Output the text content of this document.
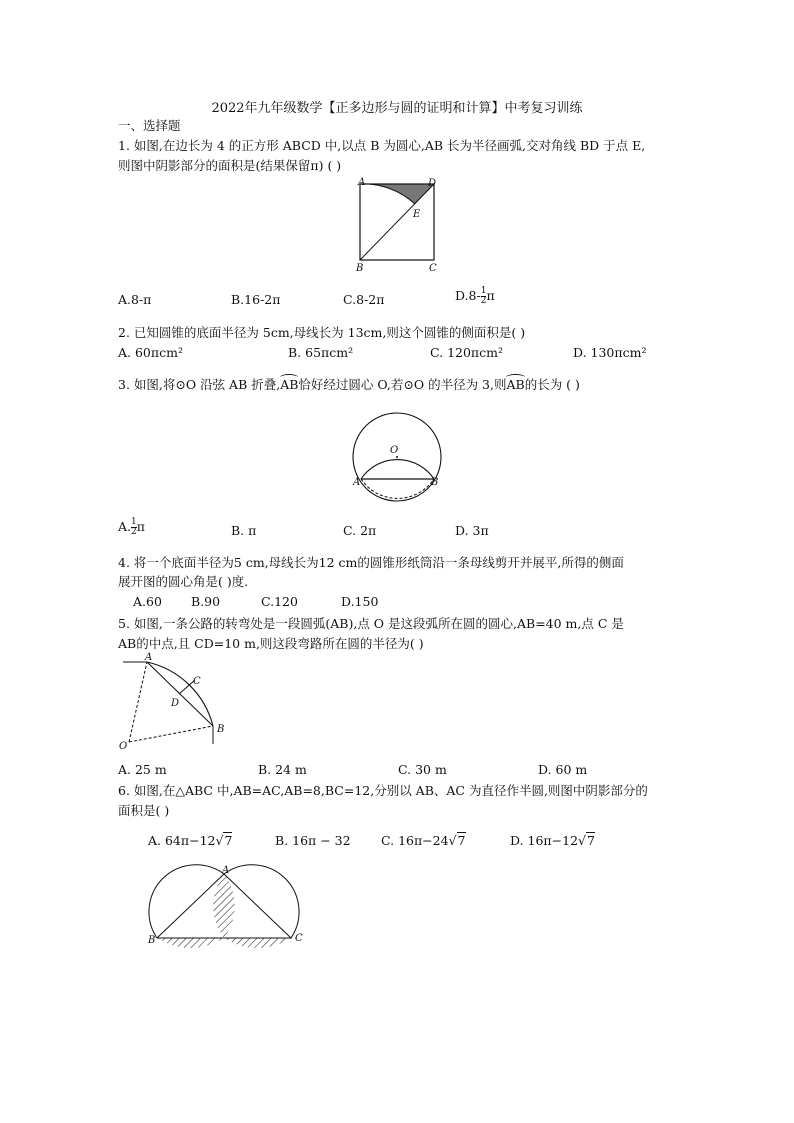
2022年九年级数学【正多边形与圆的证明和计算】中考复习训练
一、选择题
1. 如图,在边长为 4 的正方形 ABCD 中,以点 B 为圆心,AB 长为半径画弧,交对角线 BD 于点 E,
则图中阴影部分的面积是(结果保留π) ( )
A	D
E
B	C
A.8-π	B.16-2π	C.8-2π	$D.8- \frac{1}{2}$ π
2. 已知圆锥的底面半径为 5cm,母线长为 13cm,则这个圆锥的侧面积是( )
A. 60πcm²	B. 65πcm²	C. 120πcm²	D. 130πcm²
3. 如图,将⊙O 沿弦 AB 折叠,AB恰好经过圆心 O,若⊙O 的半径为 3,则AB的长为 ( )
O
A	B
A. $\frac{1}{2}$ π	B. π	C. 2π	D. 3π
4. 将一个底面半径为5 cm,母线长为12 cm的圆锥形纸筒沿一条母线剪开并展平,所得的侧面
展开图的圆心角是( )度.
A.60 B.90	C.120	D.150
5. 如图,一条公路的转弯处是一段圆弧(AB),点 O 是这段弧所在圆的圆心,AB=40 m,点 C 是
AB的中点,且 CD=10 m,则这段弯路所在圆的半径为( )
A
C
D
B
O
A. 25 m	B. 24 m	C. 30 m	D. 60 m
6. 如图,在△ABC 中,AB=AC,AB=8,BC=12,分别以 AB、AC 为直径作半圆,则图中阴影部分的
面积是( )
A. 64π−12√7	B. 16π − 32 C. 16π−24√7	D. 16π−12√7
A
B	C
